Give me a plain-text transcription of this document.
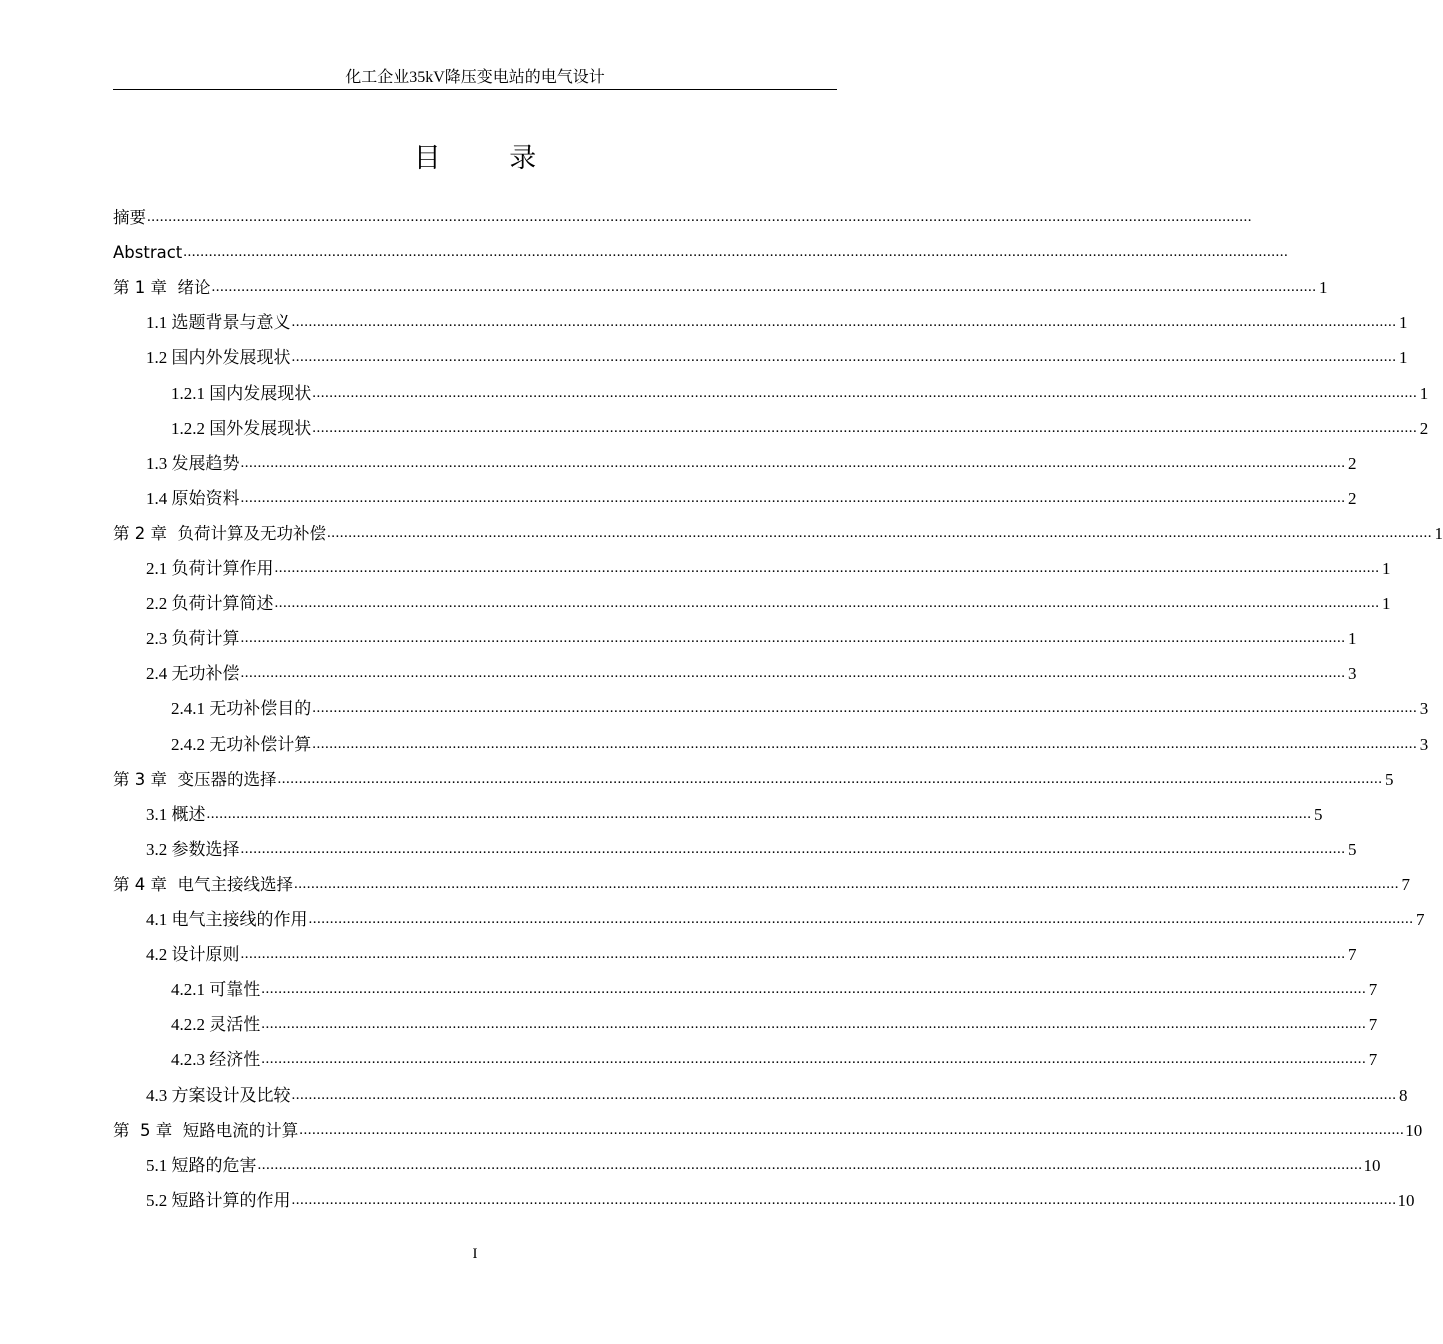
化工企业35kV降压变电站的电气设计
目 录
摘要 ....................................................................................................................................................................................................................................................................
Abstract ....................................................................................................................................................................................................................................................................
第 1 章  绪论 .................................................................................................................................................................................................................................................................... 1
1.1 选题背景与意义 .................................................................................................................................................................................................................................................................... 1
1.2 国内外发展现状 .................................................................................................................................................................................................................................................................... 1
1.2.1 国内发展现状 .................................................................................................................................................................................................................................................................... 1
1.2.2 国外发展现状 .................................................................................................................................................................................................................................................................... 2
1.3 发展趋势 .................................................................................................................................................................................................................................................................... 2
1.4 原始资料 .................................................................................................................................................................................................................................................................... 2
第 2 章  负荷计算及无功补偿 .................................................................................................................................................................................................................................................................... 1
2.1 负荷计算作用 .................................................................................................................................................................................................................................................................... 1
2.2 负荷计算简述 .................................................................................................................................................................................................................................................................... 1
2.3 负荷计算 .................................................................................................................................................................................................................................................................... 1
2.4 无功补偿 .................................................................................................................................................................................................................................................................... 3
2.4.1 无功补偿目的 .................................................................................................................................................................................................................................................................... 3
2.4.2 无功补偿计算 .................................................................................................................................................................................................................................................................... 3
第 3 章  变压器的选择 .................................................................................................................................................................................................................................................................... 5
3.1 概述 .................................................................................................................................................................................................................................................................... 5
3.2 参数选择 .................................................................................................................................................................................................................................................................... 5
第 4 章  电气主接线选择 .................................................................................................................................................................................................................................................................... 7
4.1 电气主接线的作用 .................................................................................................................................................................................................................................................................... 7
4.2 设计原则 .................................................................................................................................................................................................................................................................... 7
4.2.1 可靠性 .................................................................................................................................................................................................................................................................... 7
4.2.2 灵活性 .................................................................................................................................................................................................................................................................... 7
4.2.3 经济性 .................................................................................................................................................................................................................................................................... 7
4.3 方案设计及比较 .................................................................................................................................................................................................................................................................... 8
第  5 章  短路电流的计算 .................................................................................................................................................................................................................................................................... 10
5.1 短路的危害 .................................................................................................................................................................................................................................................................... 10
5.2 短路计算的作用 .................................................................................................................................................................................................................................................................... 10
I
